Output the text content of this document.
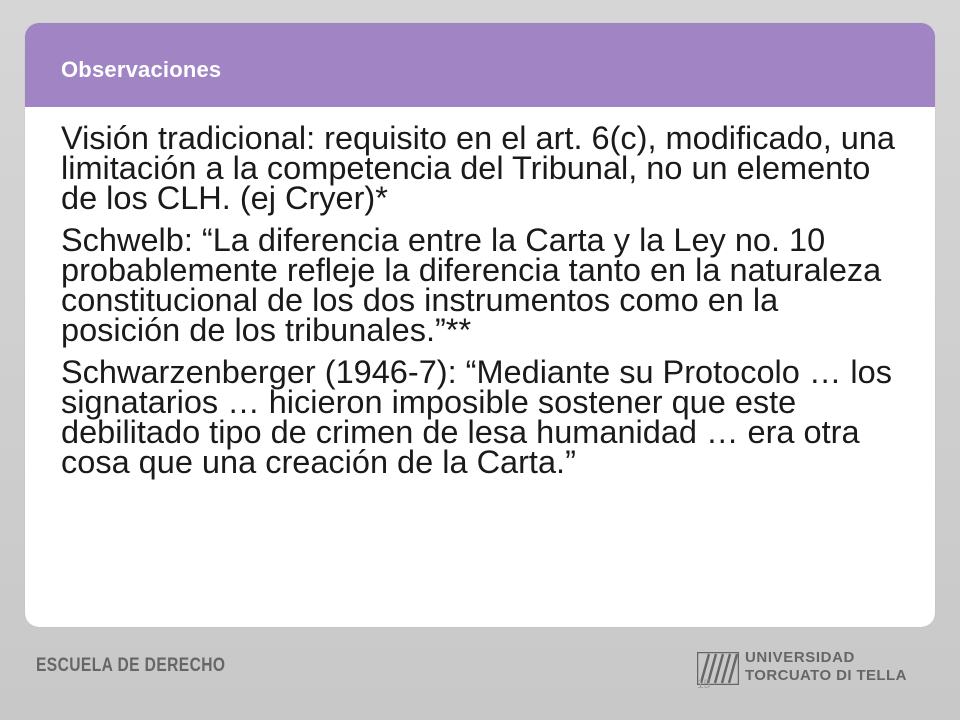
Observaciones

Visión tradicional: requisito en el art. 6(c), modificado, una limitación a la competencia del Tribunal, no un elemento de los CLH. (ej Cryer)*

Schwelb: “La diferencia entre la Carta y la Ley no. 10 probablemente refleje la diferencia tanto en la naturaleza constitucional de los dos instrumentos como en la posición de los tribunales.”**

Schwarzenberger (1946-7): “Mediante su Protocolo … los signatarios … hicieron imposible sostener que este debilitado tipo de crimen de lesa humanidad … era otra cosa que una creación de la Carta.”

ESCUELA DE DERECHO	UNIVERSIDAD
TORCUATO DI TELLA
15
